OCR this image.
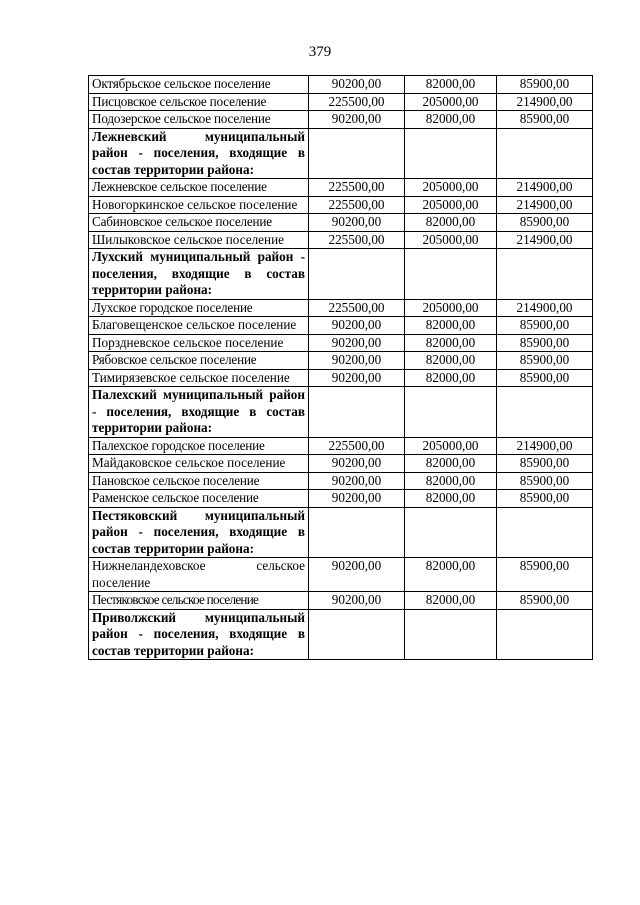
379
Октябрьское сельское поселение	90200,00	82000,00	85900,00
Писцовское сельское поселение	225500,00	205000,00	214900,00
Подозерское сельское поселение	90200,00	82000,00	85900,00
Лежневский муниципальный район - поселения, входящие в состав территории района:			
Лежневское сельское поселение	225500,00	205000,00	214900,00
Новогоркинское сельское поселение	225500,00	205000,00	214900,00
Сабиновское сельское поселение	90200,00	82000,00	85900,00
Шилыковское сельское поселение	225500,00	205000,00	214900,00
Лухский муниципальный район - поселения, входящие в состав территории района:			
Лухское городское поселение	225500,00	205000,00	214900,00
Благовещенское сельское поселение	90200,00	82000,00	85900,00
Порздневское сельское поселение	90200,00	82000,00	85900,00
Рябовское сельское поселение	90200,00	82000,00	85900,00
Тимирязевское сельское поселение	90200,00	82000,00	85900,00
Палехский муниципальный район - поселения, входящие в состав территории района:			
Палехское городское поселение	225500,00	205000,00	214900,00
Майдаковское сельское поселение	90200,00	82000,00	85900,00
Пановское сельское поселение	90200,00	82000,00	85900,00
Раменское сельское поселение	90200,00	82000,00	85900,00
Пестяковский муниципальный район - поселения, входящие в состав территории района:			
Нижнеландеховское сельское поселение	90200,00	82000,00	85900,00
Пестяковское сельское поселение	90200,00	82000,00	85900,00
Приволжский муниципальный район - поселения, входящие в состав территории района:			
